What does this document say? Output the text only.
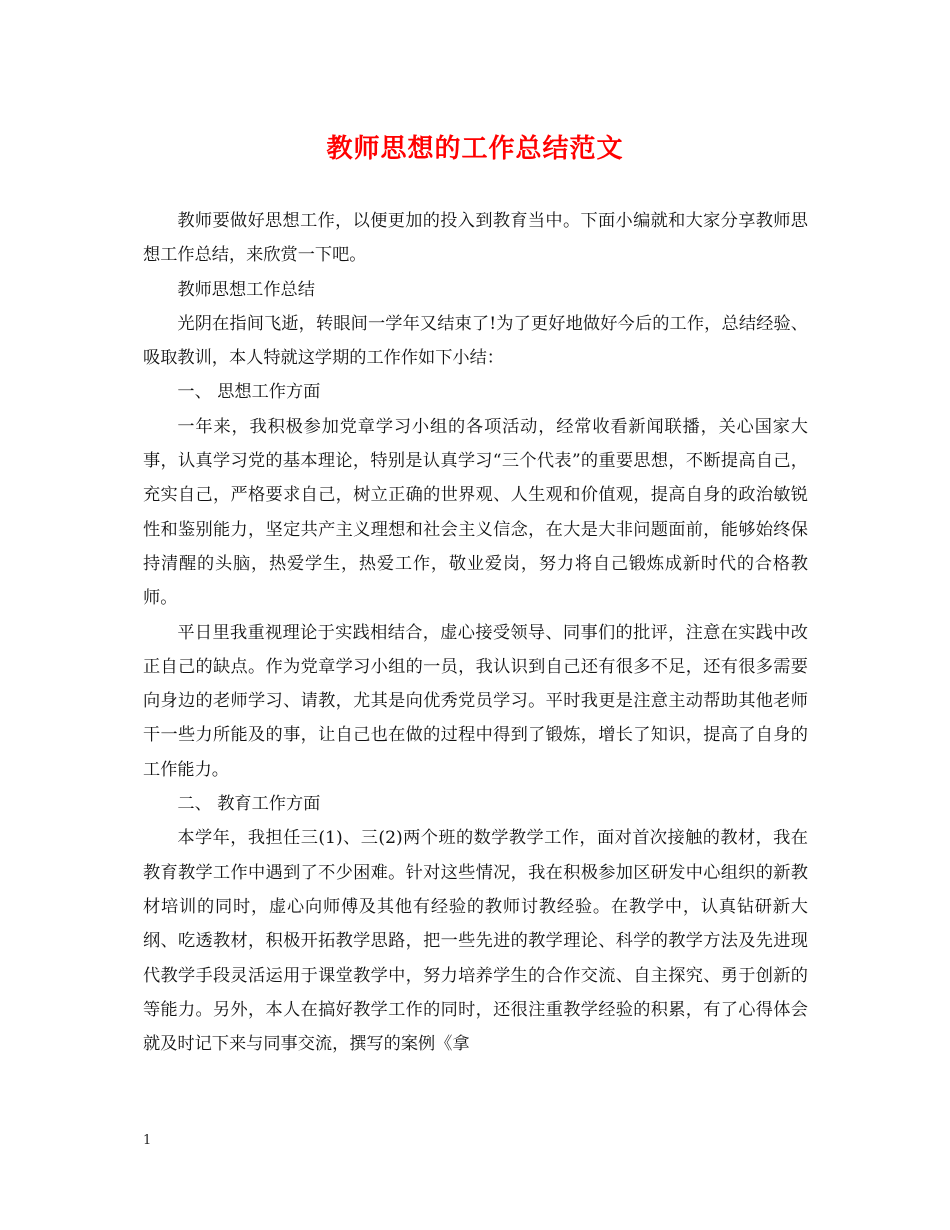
教师思想的工作总结范文

教师要做好思想工作，以便更加的投入到教育当中。下面小编就和大家分享教师思想工作总结，来欣赏一下吧。

教师思想工作总结

光阴在指间飞逝，转眼间一学年又结束了!为了更好地做好今后的工作，总结经验、吸取教训，本人特就这学期的工作作如下小结：

一、 思想工作方面

一年来，我积极参加党章学习小组的各项活动，经常收看新闻联播，关心国家大事，认真学习党的基本理论，特别是认真学习“三个代表”的重要思想，不断提高自己，充实自己，严格要求自己，树立正确的世界观、人生观和价值观，提高自身的政治敏锐性和鉴别能力，坚定共产主义理想和社会主义信念，在大是大非问题面前，能够始终保持清醒的头脑，热爱学生，热爱工作，敬业爱岗，努力将自己锻炼成新时代的合格教师。

平日里我重视理论于实践相结合，虚心接受领导、同事们的批评，注意在实践中改正自己的缺点。作为党章学习小组的一员，我认识到自己还有很多不足，还有很多需要向身边的老师学习、请教，尤其是向优秀党员学习。平时我更是注意主动帮助其他老师干一些力所能及的事，让自己也在做的过程中得到了锻炼，增长了知识，提高了自身的工作能力。

二、 教育工作方面

本学年，我担任三(1)、三(2)两个班的数学教学工作，面对首次接触的教材，我在教育教学工作中遇到了不少困难。针对这些情况，我在积极参加区研发中心组织的新教材培训的同时，虚心向师傅及其他有经验的教师讨教经验。在教学中，认真钻研新大纲、吃透教材，积极开拓教学思路，把一些先进的教学理论、科学的教学方法及先进现代教学手段灵活运用于课堂教学中，努力培养学生的合作交流、自主探究、勇于创新的等能力。另外，本人在搞好教学工作的同时，还很注重教学经验的积累，有了心得体会就及时记下来与同事交流，撰写的案例《拿

1
